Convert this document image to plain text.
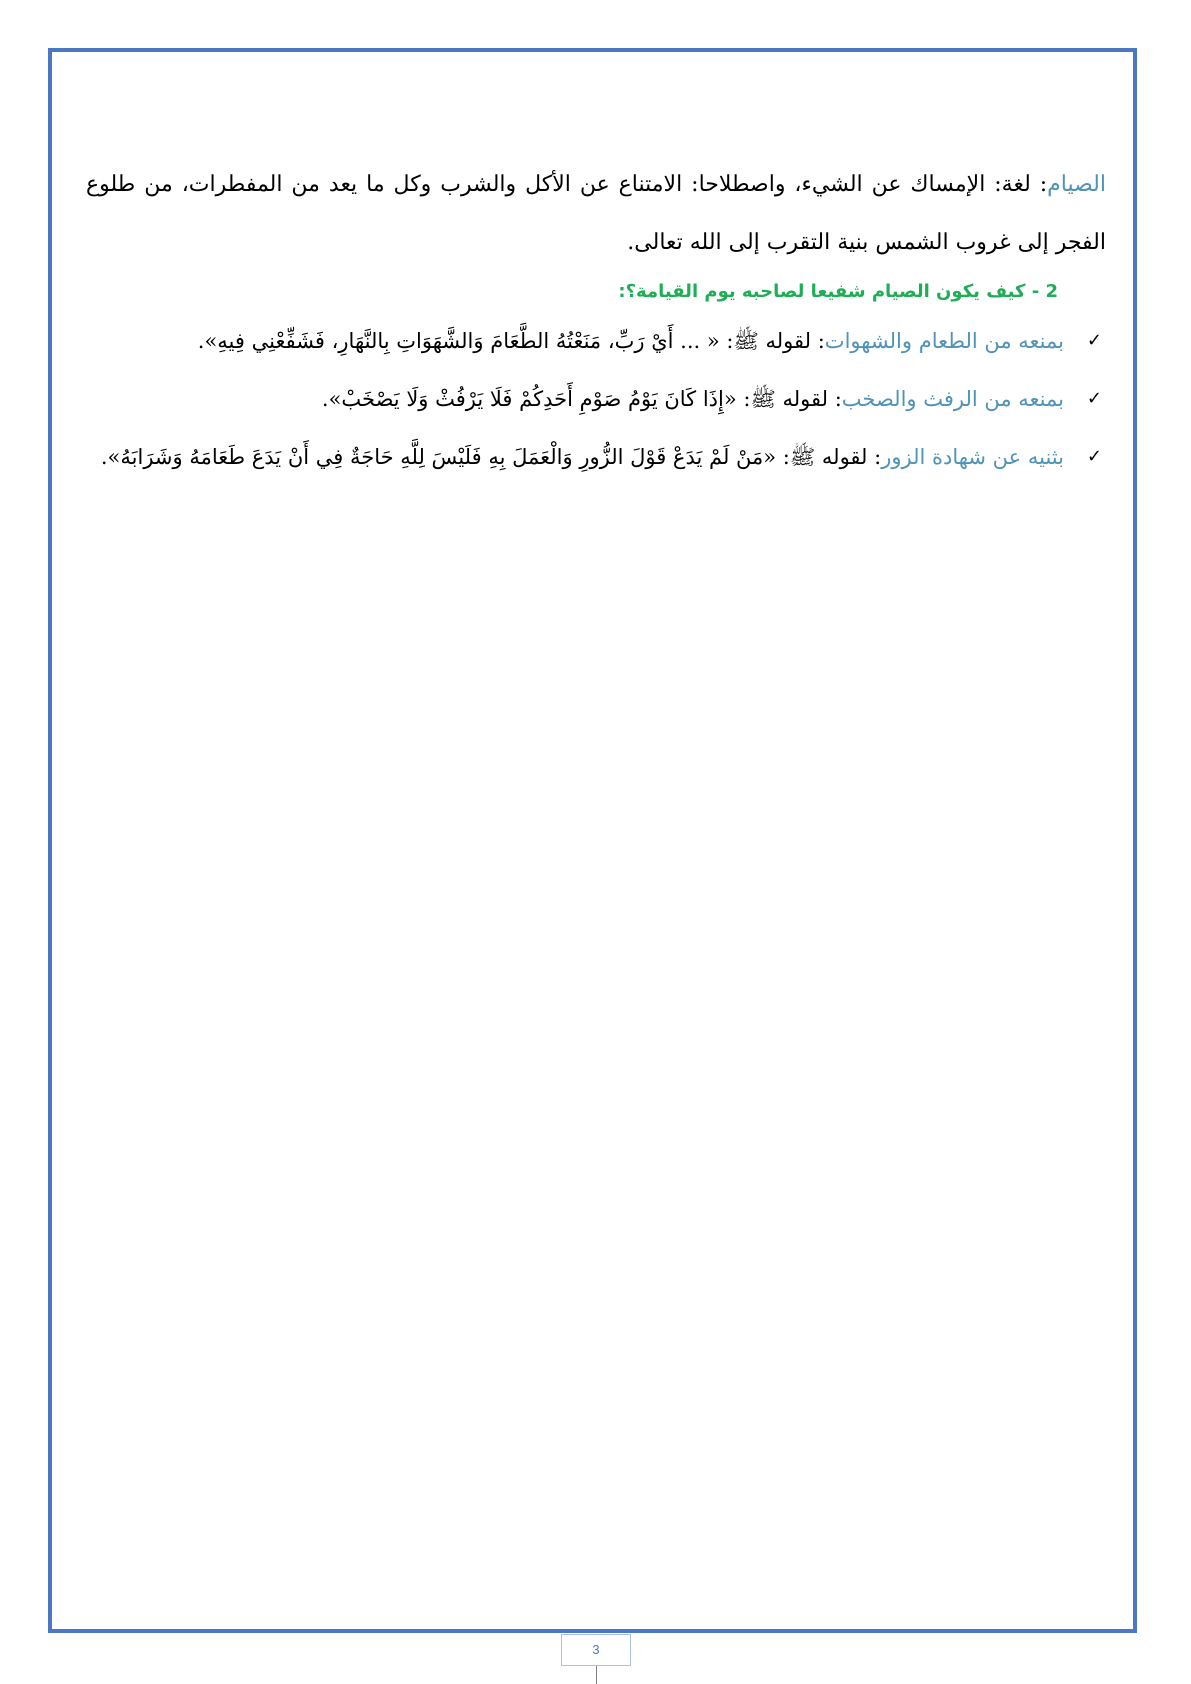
الصيام: لغة: الإمساك عن الشيء، واصطلاحا: الامتناع عن الأكل والشرب وكل ما يعد من المفطرات، من طلوع الفجر إلى غروب الشمس بنية التقرب إلى الله تعالى.

2 - كيف يكون الصيام شفيعا لصاحبه يوم القيامة؟:

✓
بمنعه من الطعام والشهوات: لقوله ﷺ: « ... أَيْ رَبِّ، مَنَعْتُهُ الطَّعَامَ وَالشَّهَوَاتِ بِالنَّهَارِ، فَشَفِّعْنِي فِيهِ».
✓
بمنعه من الرفث والصخب: لقوله ﷺ: «إِذَا كَانَ يَوْمُ صَوْمِ أَحَدِكُمْ فَلَا يَرْفُثْ وَلَا يَصْخَبْ».
✓
بثنيه عن شهادة الزور: لقوله ﷺ: «مَنْ لَمْ يَدَعْ قَوْلَ الزُّورِ وَالْعَمَلَ بِهِ فَلَيْسَ لِلَّهِ حَاجَةٌ فِي أَنْ يَدَعَ طَعَامَهُ وَشَرَابَهُ».
3
